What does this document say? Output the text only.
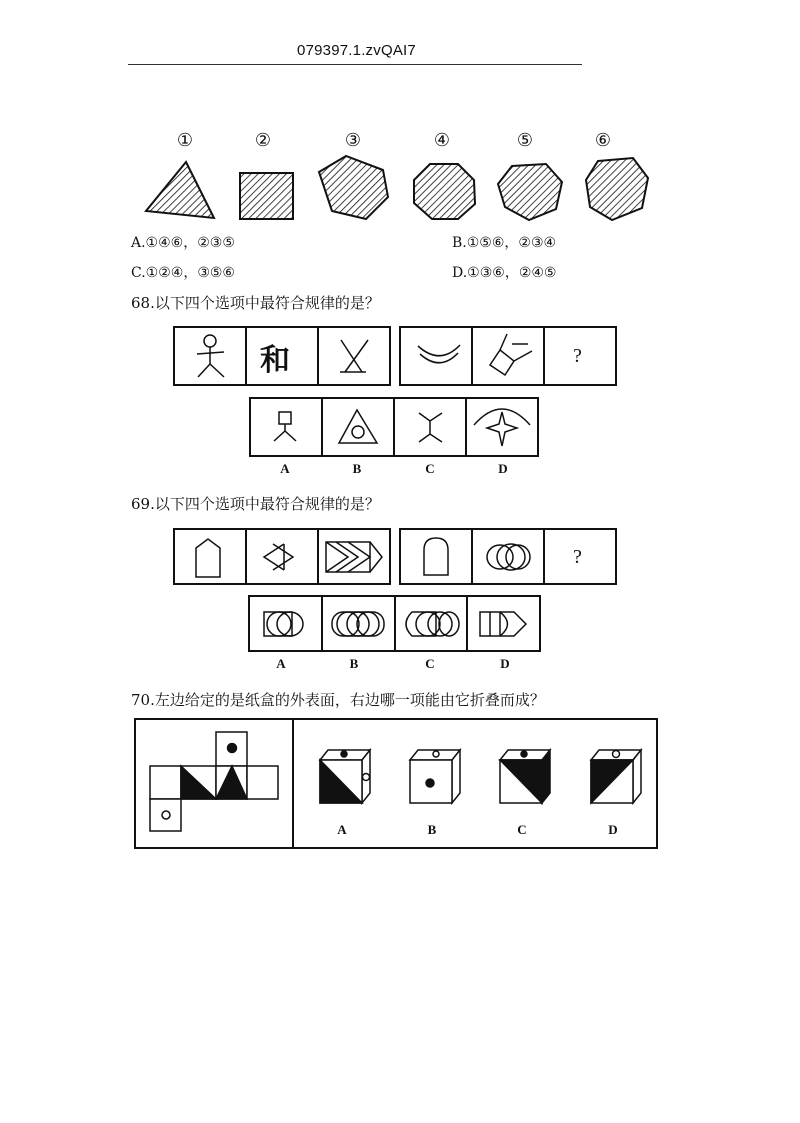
079397.1.zvQAI7
①	②	③	④	⑤	⑥
A.①④⑥，②③⑤	B.①⑤⑥，②③④
C.①②④，③⑤⑥	D.①③⑥，②④⑤
68.以下四个选项中最符合规律的是？
和	?
A	B	C	D
69.以下四个选项中最符合规律的是？
?
A	B	C	D
70.左边给定的是纸盒的外表面，右边哪一项能由它折叠而成？
A	B	C	D
